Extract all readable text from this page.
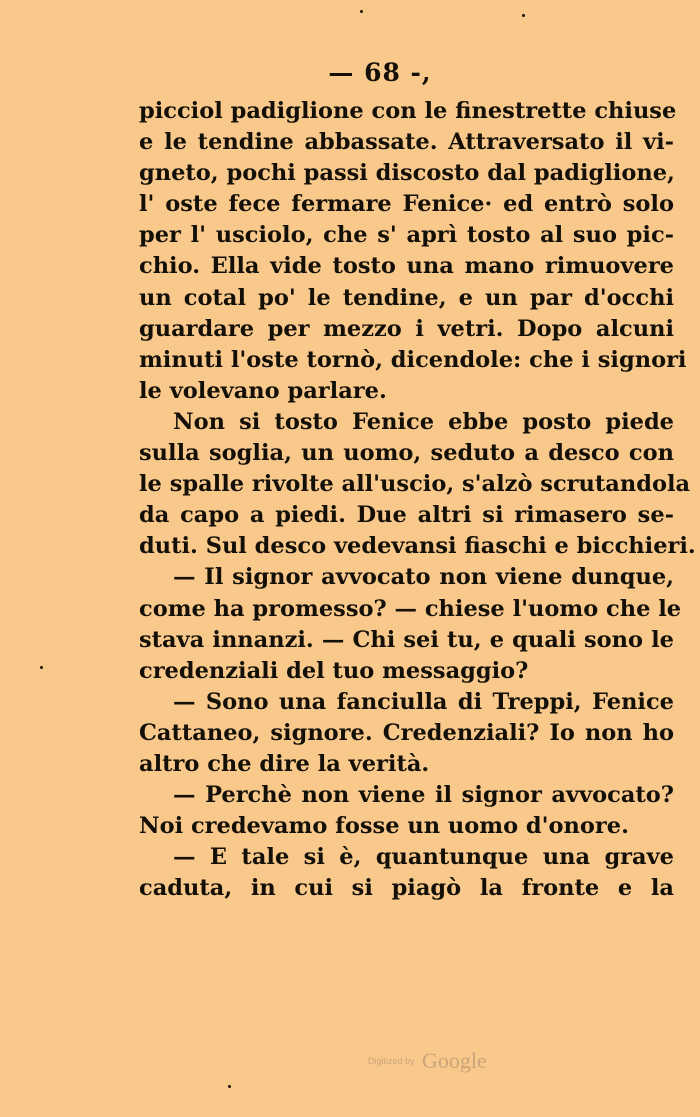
— 68 -,
picciol padiglione con le finestrette chiuse
e le tendine abbassate. Attraversato il vi-
gneto, pochi passi discosto dal padiglione,
l' oste fece fermare Fenice· ed entrò solo
per l' usciolo, che s' aprì tosto al suo pic-
chio. Ella vide tosto una mano rimuovere
un cotal po' le tendine, e un par d'occhi
guardare per mezzo i vetri. Dopo alcuni
minuti l'oste tornò, dicendole: che i signori
le volevano parlare.
Non si tosto Fenice ebbe posto piede
sulla soglia, un uomo, seduto a desco con
le spalle rivolte all'uscio, s'alzò scrutandola
da capo a piedi. Due altri si rimasero se-
duti. Sul desco vedevansi fiaschi e bicchieri.
— Il signor avvocato non viene dunque,
come ha promesso? — chiese l'uomo che le
stava innanzi. — Chi sei tu, e quali sono le
credenziali del tuo messaggio?
— Sono una fanciulla di Treppi, Fenice
Cattaneo, signore. Credenziali? Io non ho
altro che dire la verità.
— Perchè non viene il signor avvocato?
Noi credevamo fosse un uomo d'onore.
— E tale si è, quantunque una grave
caduta, in cui si piagò la fronte e la
Digitized by Google
